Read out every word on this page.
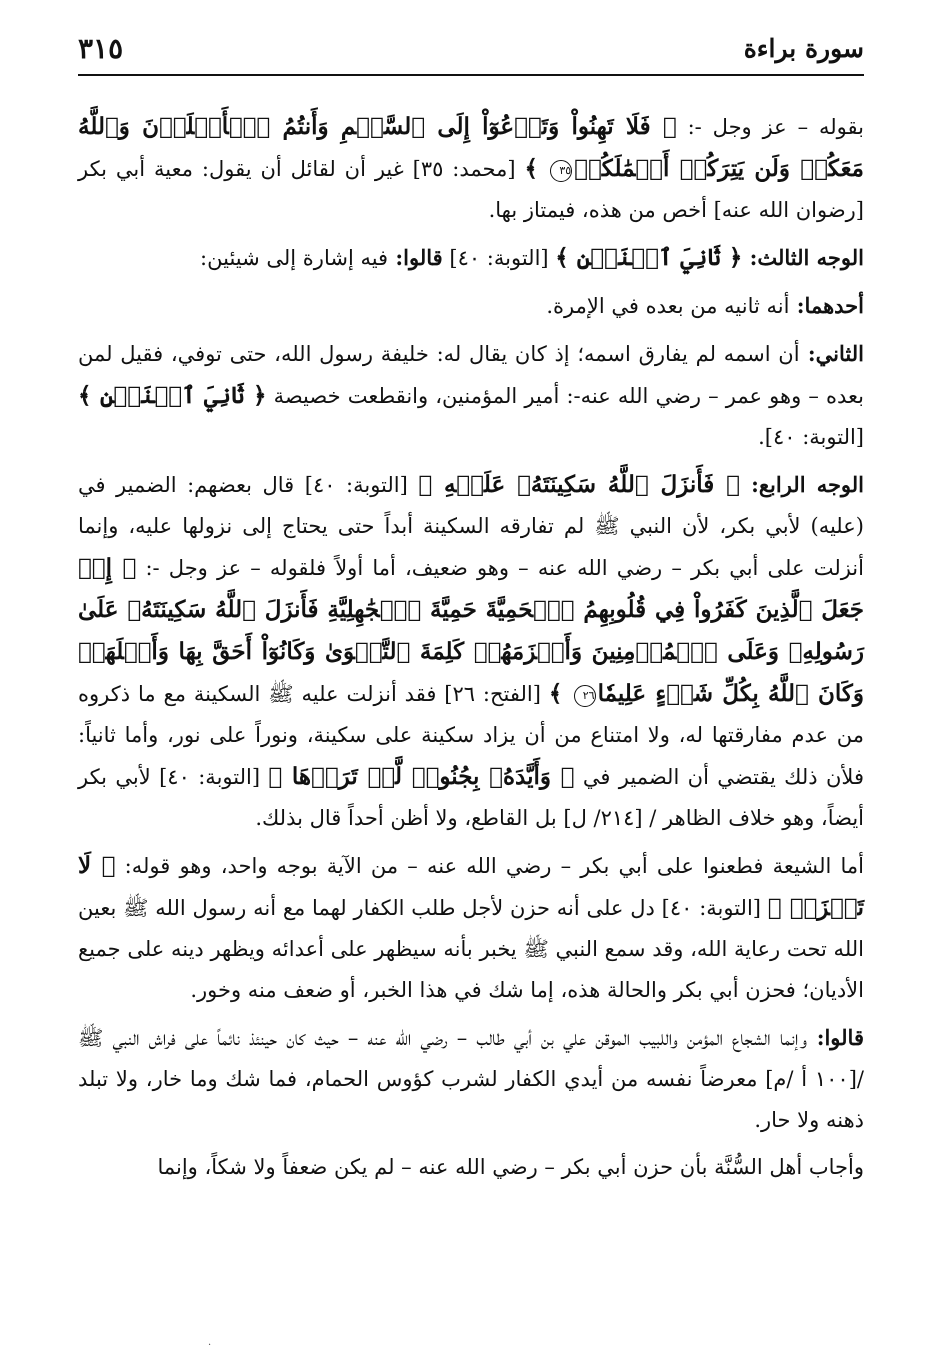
سورة براءة
٣١٥

بقوله – عز وجل -: ﴿ فَلَا تَهِنُواْ وَتَدۡعُوٓاْ إِلَى ٱلسَّلۡمِ وَأَنتُمُ ٱلۡأَعۡلَوۡنَ وَٱللَّهُ مَعَكُمۡ وَلَن يَتِرَكُمۡ أَعۡمَٰلَكُمۡ٣٥ ﴾ [محمد: ٣٥] غير أن لقائل أن يقول: معية أبي بكر [رضوان الله عنه] أخص من هذه، فيمتاز بها.

الوجه الثالث: ﴿ ثَانِيَ ٱثۡنَيۡنِ ﴾ [التوبة: ٤٠] قالوا: فيه إشارة إلى شيئين:

أحدهما: أنه ثانيه من بعده في الإمرة.

الثاني: أن اسمه لم يفارق اسمه؛ إذ كان يقال له: خليفة رسول الله، حتى توفي، فقيل لمن بعده – وهو عمر – رضي الله عنه-: أمير المؤمنين، وانقطعت خصيصة ﴿ ثَانِيَ ٱثۡنَيۡنِ ﴾ [التوبة: ٤٠].

الوجه الرابع: ﴿ فَأَنزَلَ ٱللَّهُ سَكِينَتَهُۥ عَلَيۡهِ ﴾ [التوبة: ٤٠] قال بعضهم: الضمير في (عليه) لأبي بكر، لأن النبي ﷺ لم تفارقه السكينة أبداً حتى يحتاج إلى نزولها عليه، وإنما أنزلت على أبي بكر – رضي الله عنه – وهو ضعيف، أما أولاً فلقوله – عز وجل -: ﴿ إِذۡ جَعَلَ ٱلَّذِينَ كَفَرُواْ فِي قُلُوبِهِمُ ٱلۡحَمِيَّةَ حَمِيَّةَ ٱلۡجَٰهِلِيَّةِ فَأَنزَلَ ٱللَّهُ سَكِينَتَهُۥ عَلَىٰ رَسُولِهِۦ وَعَلَى ٱلۡمُؤۡمِنِينَ وَأَلۡزَمَهُمۡ كَلِمَةَ ٱلتَّقۡوَىٰ وَكَانُوٓاْ أَحَقَّ بِهَا وَأَهۡلَهَاۚ وَكَانَ ٱللَّهُ بِكُلِّ شَيۡءٍ عَلِيمٗا٢٦ ﴾ [الفتح: ٢٦] فقد أنزلت عليه ﷺ السكينة مع ما ذكروه من عدم مفارقتها له، ولا امتناع من أن يزاد سكينة على سكينة، ونوراً على نور، وأما ثانياً: فلأن ذلك يقتضي أن الضمير في ﴿ وَأَيَّدَهُۥ بِجُنُودٖ لَّمۡ تَرَوۡهَا ﴾ [التوبة: ٤٠] لأبي بكر أيضاً، وهو خلاف الظاهر / [٢١٤/ ل] بل القاطع، ولا أظن أحداً قال بذلك.

أما الشيعة فطعنوا على أبي بكر – رضي الله عنه – من الآية بوجه واحد، وهو قوله: ﴿ لَا تَحۡزَنۡ ﴾ [التوبة: ٤٠] دل على أنه حزن لأجل طلب الكفار لهما مع أنه رسول الله ﷺ بعين الله تحت رعاية الله، وقد سمع النبي ﷺ يخبر بأنه سيظهر على أعدائه ويظهر دينه على جميع الأديان؛ فحزن أبي بكر والحالة هذه، إما شك في هذا الخبر، أو ضعف منه وخور.

قالوا: وإنما الشجاع المؤمن واللبيب الموقن علي بن أبي طالب – رضي الله عنه – حيث كان حينئذ نائماً على فراش النبي ﷺ /[١٠٠ أ /م] معرضاً نفسه من أيدي الكفار لشرب كؤوس الحمام، فما شك وما خار، ولا تبلد ذهنه ولا حار.

وأجاب أهل السُّنَّة بأن حزن أبي بكر – رضي الله عنه – لم يكن ضعفاً ولا شكاً، وإنما

·
